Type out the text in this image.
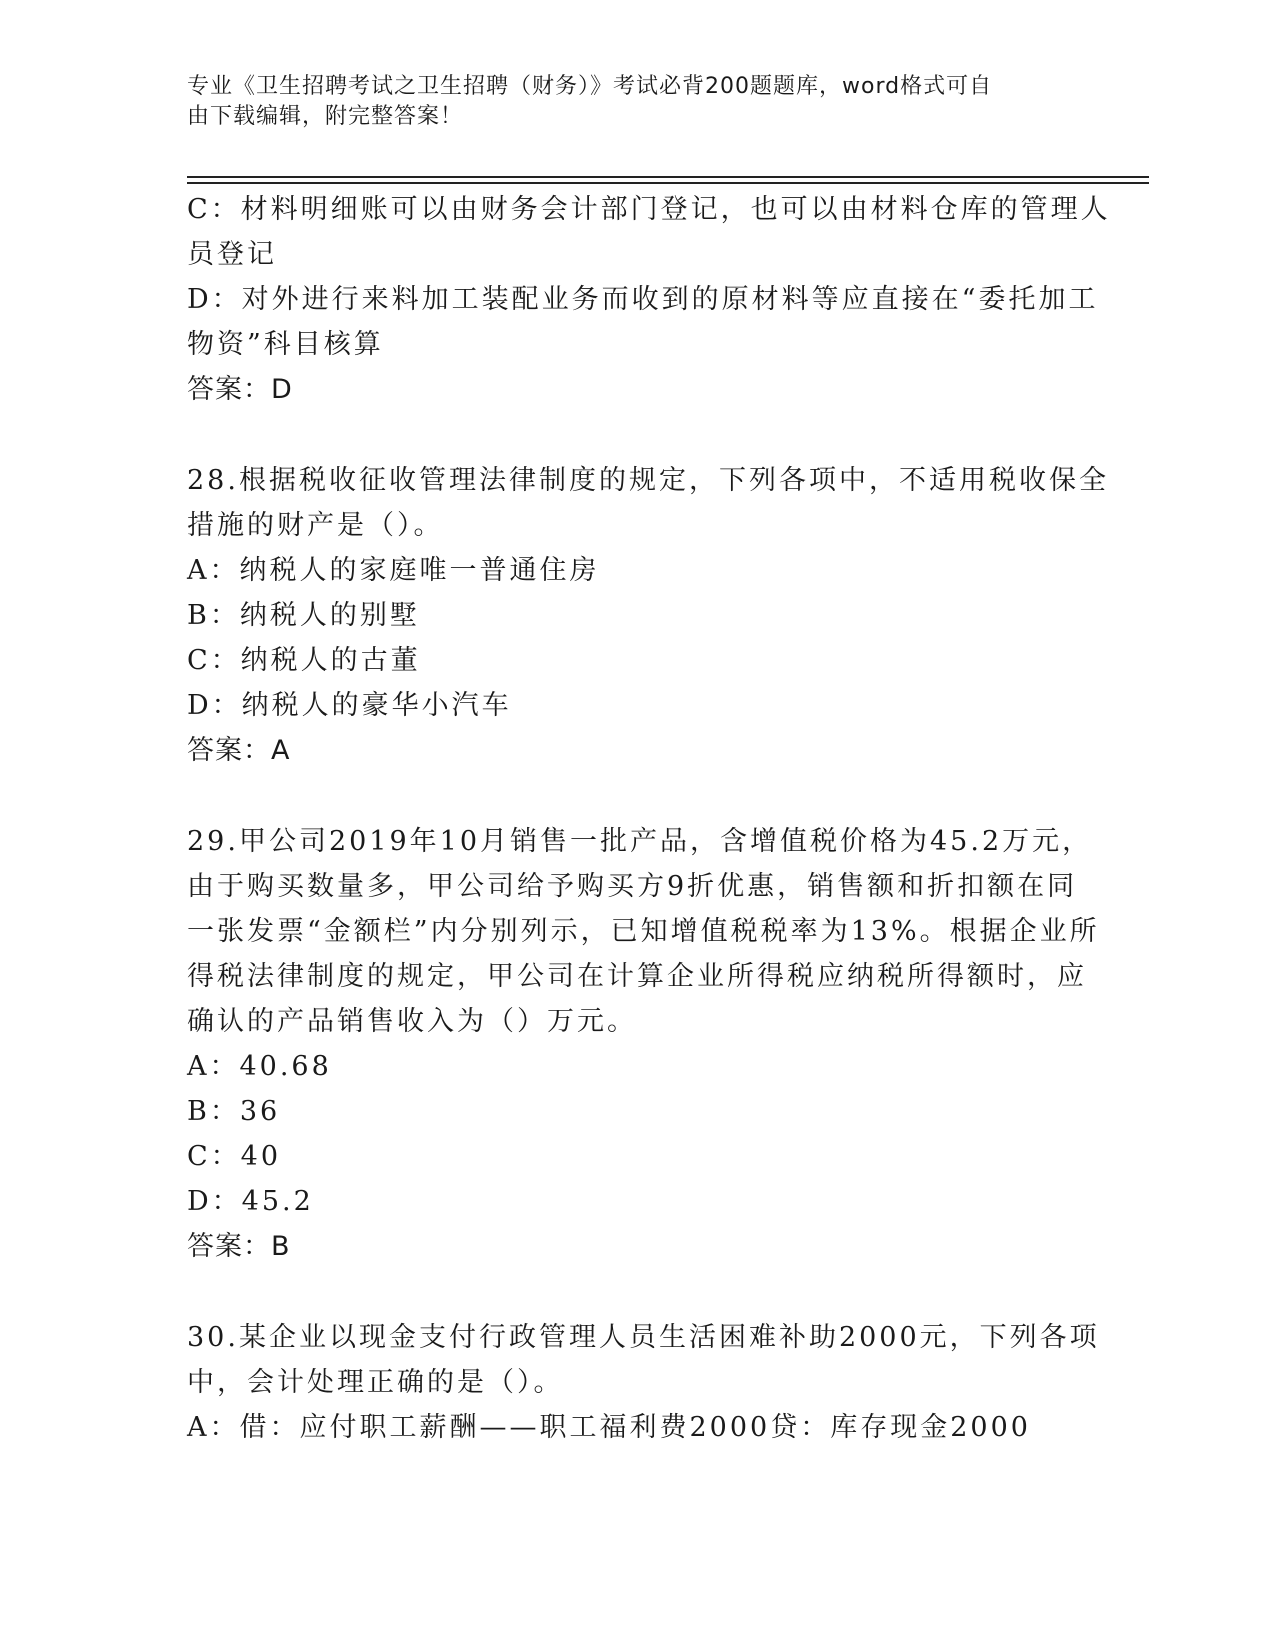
专业《卫生招聘考试之卫生招聘（财务）》考试必背200题题库，word格式可自
由下载编辑，附完整答案！
C：材料明细账可以由财务会计部门登记，也可以由材料仓库的管理人
员登记
D：对外进行来料加工装配业务而收到的原材料等应直接在“委托加工
物资”科目核算
答案：D
28.根据税收征收管理法律制度的规定，下列各项中，不适用税收保全
措施的财产是（）。
A：纳税人的家庭唯一普通住房
B：纳税人的别墅
C：纳税人的古董
D：纳税人的豪华小汽车
答案：A
29.甲公司2019年10月销售一批产品，含增值税价格为45.2万元，
由于购买数量多，甲公司给予购买方9折优惠，销售额和折扣额在同
一张发票“金额栏”内分别列示，已知增值税税率为13%。根据企业所
得税法律制度的规定，甲公司在计算企业所得税应纳税所得额时，应
确认的产品销售收入为（）万元。
A：40.68
B：36
C：40
D：45.2
答案：B
30.某企业以现金支付行政管理人员生活困难补助2000元，下列各项
中，会计处理正确的是（）。
A：借：应付职工薪酬——职工福利费2000贷：库存现金2000
